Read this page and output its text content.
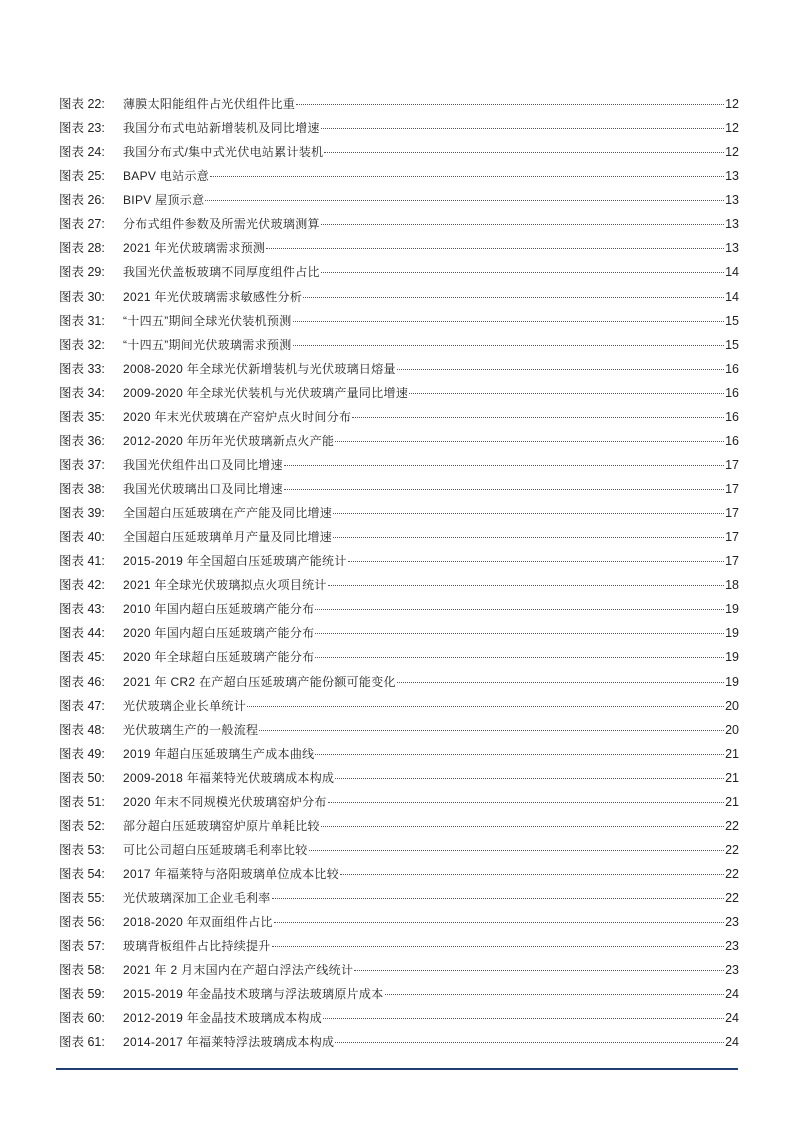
图表 22:	薄膜太阳能组件占光伏组件比重	12
图表 23:	我国分布式电站新增装机及同比增速	12
图表 24:	我国分布式/集中式光伏电站累计装机	12
图表 25:	BAPV 电站示意	13
图表 26:	BIPV 屋顶示意	13
图表 27:	分布式组件参数及所需光伏玻璃测算	13
图表 28:	2021 年光伏玻璃需求预测	13
图表 29:	我国光伏盖板玻璃不同厚度组件占比	14
图表 30:	2021 年光伏玻璃需求敏感性分析	14
图表 31:	“十四五”期间全球光伏装机预测	15
图表 32:	“十四五”期间光伏玻璃需求预测	15
图表 33:	2008-2020 年全球光伏新增装机与光伏玻璃日熔量	16
图表 34:	2009-2020 年全球光伏装机与光伏玻璃产量同比增速	16
图表 35:	2020 年末光伏玻璃在产窑炉点火时间分布	16
图表 36:	2012-2020 年历年光伏玻璃新点火产能	16
图表 37:	我国光伏组件出口及同比增速	17
图表 38:	我国光伏玻璃出口及同比增速	17
图表 39:	全国超白压延玻璃在产产能及同比增速	17
图表 40:	全国超白压延玻璃单月产量及同比增速	17
图表 41:	2015-2019 年全国超白压延玻璃产能统计	17
图表 42:	2021 年全球光伏玻璃拟点火项目统计	18
图表 43:	2010 年国内超白压延玻璃产能分布	19
图表 44:	2020 年国内超白压延玻璃产能分布	19
图表 45:	2020 年全球超白压延玻璃产能分布	19
图表 46:	2021 年 CR2 在产超白压延玻璃产能份额可能变化	19
图表 47:	光伏玻璃企业长单统计	20
图表 48:	光伏玻璃生产的一般流程	20
图表 49:	2019 年超白压延玻璃生产成本曲线	21
图表 50:	2009-2018 年福莱特光伏玻璃成本构成	21
图表 51:	2020 年末不同规模光伏玻璃窑炉分布	21
图表 52:	部分超白压延玻璃窑炉原片单耗比较	22
图表 53:	可比公司超白压延玻璃毛利率比较	22
图表 54:	2017 年福莱特与洛阳玻璃单位成本比较	22
图表 55:	光伏玻璃深加工企业毛利率	22
图表 56:	2018-2020 年双面组件占比	23
图表 57:	玻璃背板组件占比持续提升	23
图表 58:	2021 年 2 月末国内在产超白浮法产线统计	23
图表 59:	2015-2019 年金晶技术玻璃与浮法玻璃原片成本	24
图表 60:	2012-2019 年金晶技术玻璃成本构成	24
图表 61:	2014-2017 年福莱特浮法玻璃成本构成	24
